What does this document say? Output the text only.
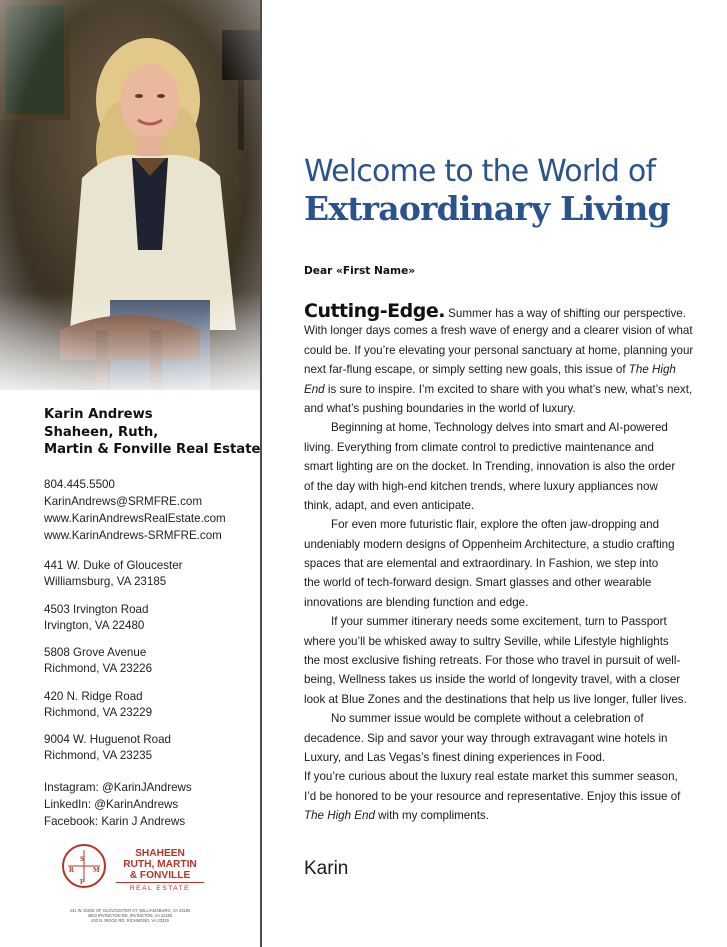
Karin Andrews
Shaheen, Ruth,
Martin & Fonville Real Estate
804.445.5500
KarinAndrews@SRMFRE.com
www.KarinAndrewsRealEstate.com
www.KarinAndrews-SRMFRE.com
441 W. Duke of Gloucester
Williamsburg, VA 23185
4503 Irvington Road
Irvington, VA 22480
5808 Grove Avenue
Richmond, VA 23226
420 N. Ridge Road
Richmond, VA 23229
9004 W. Huguenot Road
Richmond, VA 23235
Instagram: @KarinJAndrews
LinkedIn: @KarinAndrews
Facebook: Karin J Andrews
S
R	M
F
SHAHEEN
RUTH, MARTIN
& FONVILLE
REAL ESTATE
441 W. DUKE OF GLOUCESTER ST, WILLIAMSBURG, VA 23185
4503 IRVINGTON RD, IRVINGTON, VA 22480
420 N. RIDGE RD, RICHMOND, VA 23229
Welcome to the World of
Extraordinary Living
Dear «First Name»
Cutting-Edge. Summer has a way of shifting our perspective.
With longer days comes a fresh wave of energy and a clearer vision of what
could be. If you’re elevating your personal sanctuary at home, planning your
next far-flung escape, or simply setting new goals, this issue of The High
End is sure to inspire. I’m excited to share with you what’s new, what’s next,
and what’s pushing boundaries in the world of luxury.
Beginning at home, Technology delves into smart and AI-powered
living. Everything from climate control to predictive maintenance and
smart lighting are on the docket. In Trending, innovation is also the order
of the day with high-end kitchen trends, where luxury appliances now
think, adapt, and even anticipate.
For even more futuristic flair, explore the often jaw-dropping and
undeniably modern designs of Oppenheim Architecture, a studio crafting
spaces that are elemental and extraordinary. In Fashion, we step into
the world of tech-forward design. Smart glasses and other wearable
innovations are blending function and edge.
If your summer itinerary needs some excitement, turn to Passport
where you’ll be whisked away to sultry Seville, while Lifestyle highlights
the most exclusive fishing retreats. For those who travel in pursuit of well-
being, Wellness takes us inside the world of longevity travel, with a closer
look at Blue Zones and the destinations that help us live longer, fuller lives.
No summer issue would be complete without a celebration of
decadence. Sip and savor your way through extravagant wine hotels in
Luxury, and Las Vegas’s finest dining experiences in Food.
If you’re curious about the luxury real estate market this summer season,
I’d be honored to be your resource and representative. Enjoy this issue of
The High End with my compliments.
Karin
